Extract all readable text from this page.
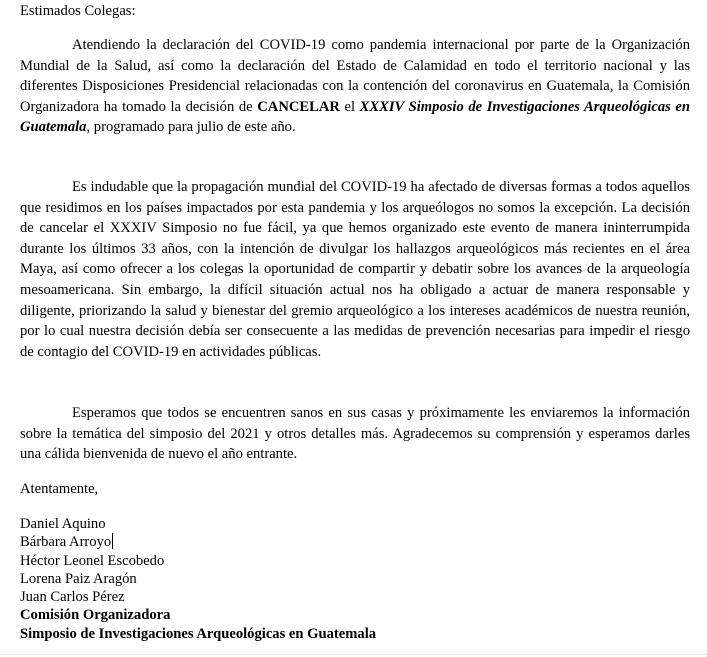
Estimados Colegas:

Atendiendo la declaración del COVID-19 como pandemia internacional por parte de la Organización Mundial de la Salud, así como la declaración del Estado de Calamidad en todo el territorio nacional y las diferentes Disposiciones Presidencial relacionadas con la contención del coronavirus en Guatemala, la Comisión Organizadora ha tomado la decisión de CANCELAR el XXXIV Simposio de Investigaciones Arqueológicas en Guatemala, programado para julio de este año.

Es indudable que la propagación mundial del COVID-19 ha afectado de diversas formas a todos aquellos que residimos en los países impactados por esta pandemia y los arqueólogos no somos la excepción. La decisión de cancelar el XXXIV Simposio no fue fácil, ya que hemos organizado este evento de manera ininterrumpida durante los últimos 33 años, con la intención de divulgar los hallazgos arqueológicos más recientes en el área Maya, así como ofrecer a los colegas la oportunidad de compartir y debatir sobre los avances de la arqueología mesoamericana. Sin embargo, la difícil situación actual nos ha obligado a actuar de manera responsable y diligente, priorizando la salud y bienestar del gremio arqueológico a los intereses académicos de nuestra reunión, por lo cual nuestra decisión debía ser consecuente a las medidas de prevención necesarias para impedir el riesgo de contagio del COVID-19 en actividades públicas.

Esperamos que todos se encuentren sanos en sus casas y próximamente les enviaremos la información sobre la temática del simposio del 2021 y otros detalles más. Agradecemos su comprensión y esperamos darles una cálida bienvenida de nuevo el año entrante.

Atentamente,

Daniel Aquino
Bárbara Arroyo
Héctor Leonel Escobedo
Lorena Paiz Aragón
Juan Carlos Pérez
Comisión Organizadora
Simposio de Investigaciones Arqueológicas en Guatemala
